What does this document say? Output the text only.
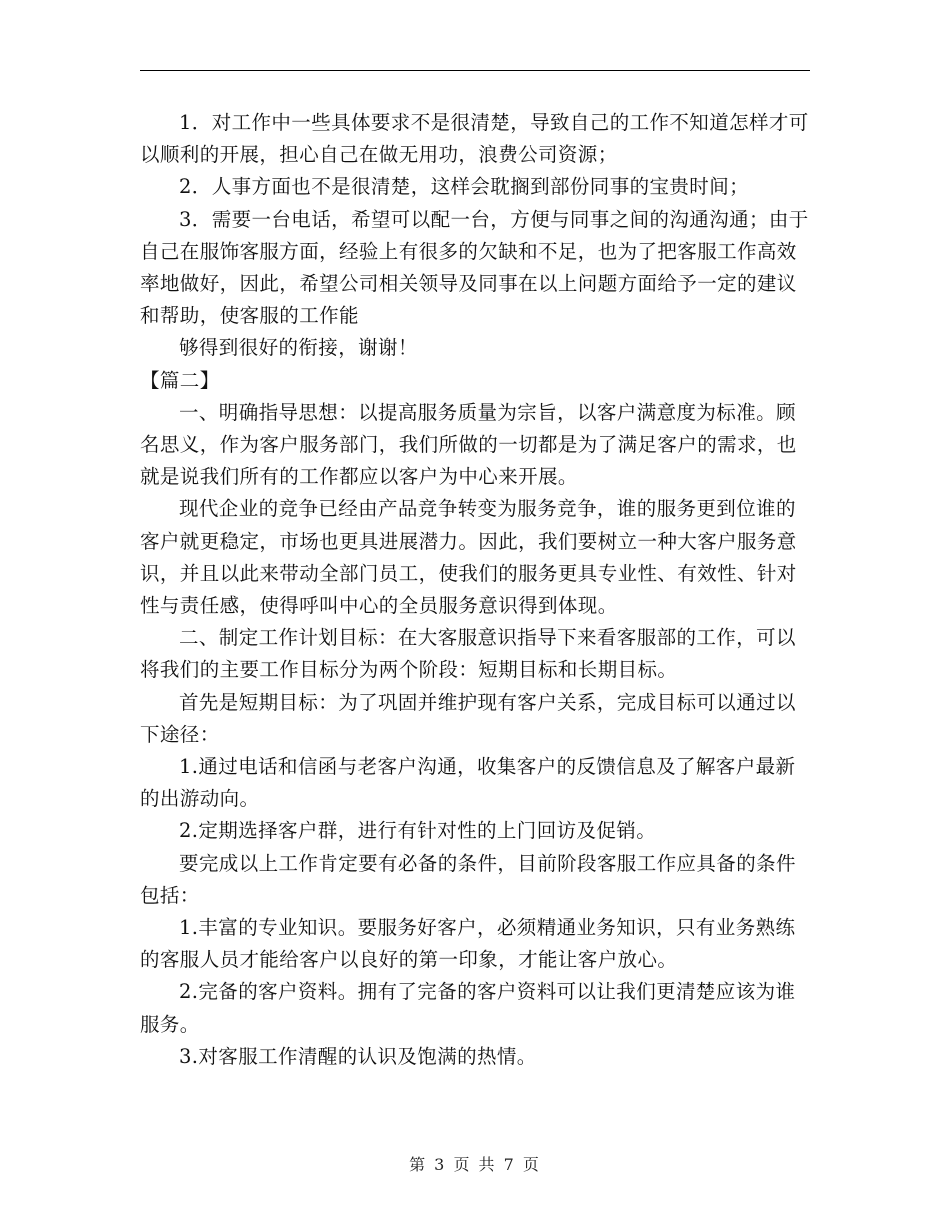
1．对工作中一些具体要求不是很清楚，导致自己的工作不知道怎样才可以顺利的开展，担心自己在做无用功，浪费公司资源；

2．人事方面也不是很清楚，这样会耽搁到部份同事的宝贵时间；

3．需要一台电话，希望可以配一台，方便与同事之间的沟通沟通；由于自己在服饰客服方面，经验上有很多的欠缺和不足，也为了把客服工作高效率地做好，因此，希望公司相关领导及同事在以上问题方面给予一定的建议和帮助，使客服的工作能

够得到很好的衔接，谢谢！

【篇二】

一、明确指导思想：以提高服务质量为宗旨，以客户满意度为标准。顾名思义，作为客户服务部门，我们所做的一切都是为了满足客户的需求，也就是说我们所有的工作都应以客户为中心来开展。

现代企业的竞争已经由产品竞争转变为服务竞争，谁的服务更到位谁的客户就更稳定，市场也更具进展潜力。因此，我们要树立一种大客户服务意识，并且以此来带动全部门员工，使我们的服务更具专业性、有效性、针对性与责任感，使得呼叫中心的全员服务意识得到体现。

二、制定工作计划目标：在大客服意识指导下来看客服部的工作，可以将我们的主要工作目标分为两个阶段：短期目标和长期目标。

首先是短期目标：为了巩固并维护现有客户关系，完成目标可以通过以下途径：

1.通过电话和信函与老客户沟通，收集客户的反馈信息及了解客户最新的出游动向。

2.定期选择客户群，进行有针对性的上门回访及促销。

要完成以上工作肯定要有必备的条件，目前阶段客服工作应具备的条件包括：

1.丰富的专业知识。要服务好客户，必须精通业务知识，只有业务熟练的客服人员才能给客户以良好的第一印象，才能让客户放心。

2.完备的客户资料。拥有了完备的客户资料可以让我们更清楚应该为谁服务。

3.对客服工作清醒的认识及饱满的热情。

第 3 页 共 7 页
